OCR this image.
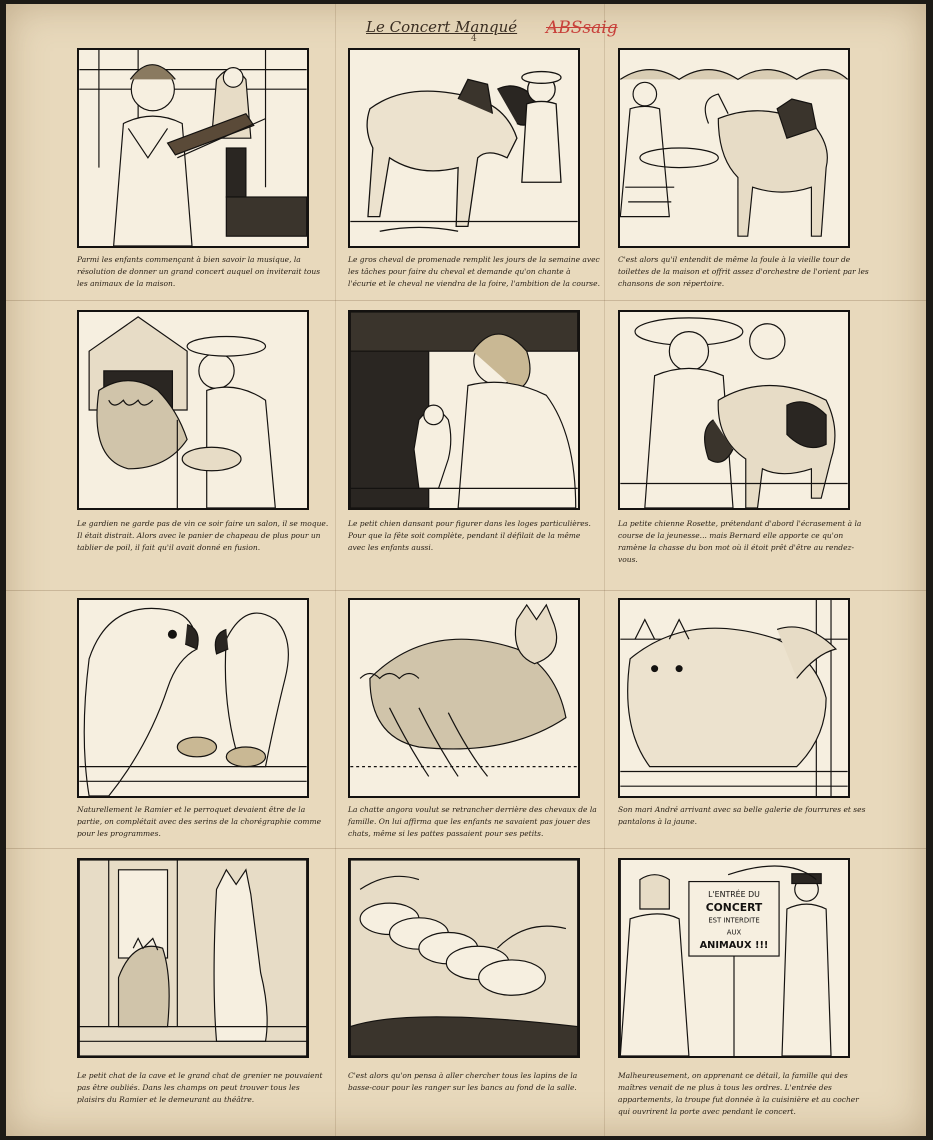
Le Concert Manqué ABSsaig
4
L'ENTRÉE DU
CONCERT
EST INTERDITE
AUX
ANIMAUX !!!
Parmi les enfants commençant à bien savoir la musique, la résolution de donner un grand concert auquel on inviterait tous les animaux de la maison.
Le gros cheval de promenade remplit les jours de la semaine avec les tâches pour faire du cheval et demande qu'on chante à l'écurie et le cheval ne viendra de la foire, l'ambition de la course.
C'est alors qu'il entendit de même la foule à la vieille tour de toilettes de la maison et offrit assez d'orchestre de l'orient par les chansons de son répertoire.
Le gardien ne garde pas de vin ce soir faire un salon, il se moque. Il était distrait. Alors avec le panier de chapeau de plus pour un tablier de poil, il fait qu'il avait donné en fusion.
Le petit chien dansant pour figurer dans les loges particulières. Pour que la fête soit complète, pendant il défilait de la même avec les enfants aussi.
La petite chienne Rosette, prétendant d'abord l'écrasement à la course de la jeunesse... mais Bernard elle apporte ce qu'on ramène la chasse du bon mot où il étoit prêt d'être au rendez-vous.
Naturellement le Ramier et le perroquet devaient être de la partie, on complétait avec des serins de la chorégraphie comme pour les programmes.
La chatte angora voulut se retrancher derrière des chevaux de la famille. On lui affirma que les enfants ne savaient pas jouer des chats, même si les pattes passaient pour ses petits.
Son mari André arrivant avec sa belle galerie de fourrures et ses pantalons à la jaune.
Le petit chat de la cave et le grand chat de grenier ne pouvaient pas être oubliés. Dans les champs on peut trouver tous les plaisirs du Ramier et le demeurant au théâtre.
C'est alors qu'on pensa à aller chercher tous les lapins de la basse-cour pour les ranger sur les bancs au fond de la salle.
Malheureusement, on apprenant ce détail, la famille qui des maîtres venait de ne plus à tous les ordres. L'entrée des appartements, la troupe fut donnée à la cuisinière et au cocher qui ouvrirent la porte avec pendant le concert.
